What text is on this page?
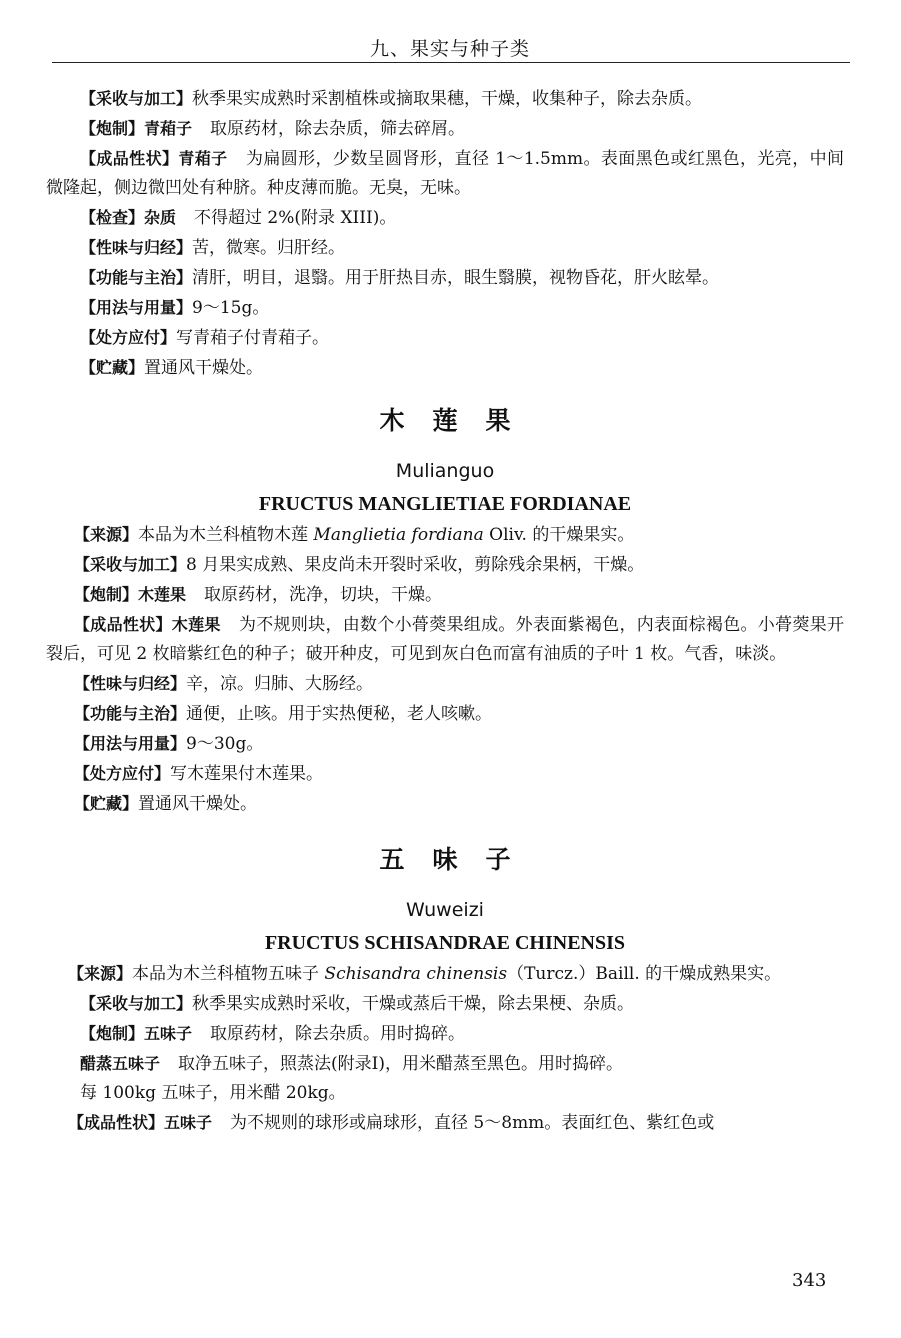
九、果实与种子类

【采收与加工】秋季果实成熟时采割植株或摘取果穗，干燥，收集种子，除去杂质。

【炮制】青葙子 取原药材，除去杂质，筛去碎屑。

【成品性状】青葙子 为扁圆形，少数呈圆肾形，直径 1～1.5mm。表面黑色或红黑色，光亮，中间微隆起，侧边微凹处有种脐。种皮薄而脆。无臭，无味。

【检查】杂质 不得超过 2%(附录 XIII)。

【性味与归经】苦，微寒。归肝经。

【功能与主治】清肝，明目，退翳。用于肝热目赤，眼生翳膜，视物昏花，肝火眩晕。

【用法与用量】9～15g。

【处方应付】写青葙子付青葙子。

【贮藏】置通风干燥处。

木莲果

Mulianguo

FRUCTUS MANGLIETIAE FORDIANAE

【来源】本品为木兰科植物木莲 Manglietia fordiana Oliv. 的干燥果实。

【采收与加工】8 月果实成熟、果皮尚未开裂时采收，剪除残余果柄，干燥。

【炮制】木莲果 取原药材，洗净，切块，干燥。

【成品性状】木莲果 为不规则块，由数个小蓇葖果组成。外表面紫褐色，内表面棕褐色。小蓇葖果开裂后，可见 2 枚暗紫红色的种子；破开种皮，可见到灰白色而富有油质的子叶 1 枚。气香，味淡。

【性味与归经】辛，凉。归肺、大肠经。

【功能与主治】通便，止咳。用于实热便秘，老人咳嗽。

【用法与用量】9～30g。

【处方应付】写木莲果付木莲果。

【贮藏】置通风干燥处。

五味子

Wuweizi

FRUCTUS SCHISANDRAE CHINENSIS

【来源】本品为木兰科植物五味子 Schisandra chinensis（Turcz.）Baill. 的干燥成熟果实。

【采收与加工】秋季果实成熟时采收，干燥或蒸后干燥，除去果梗、杂质。

【炮制】五味子 取原药材，除去杂质。用时捣碎。

醋蒸五味子 取净五味子，照蒸法(附录Ⅰ)，用米醋蒸至黑色。用时捣碎。

每 100kg 五味子，用米醋 20kg。

【成品性状】五味子 为不规则的球形或扁球形，直径 5～8mm。表面红色、紫红色或

343
